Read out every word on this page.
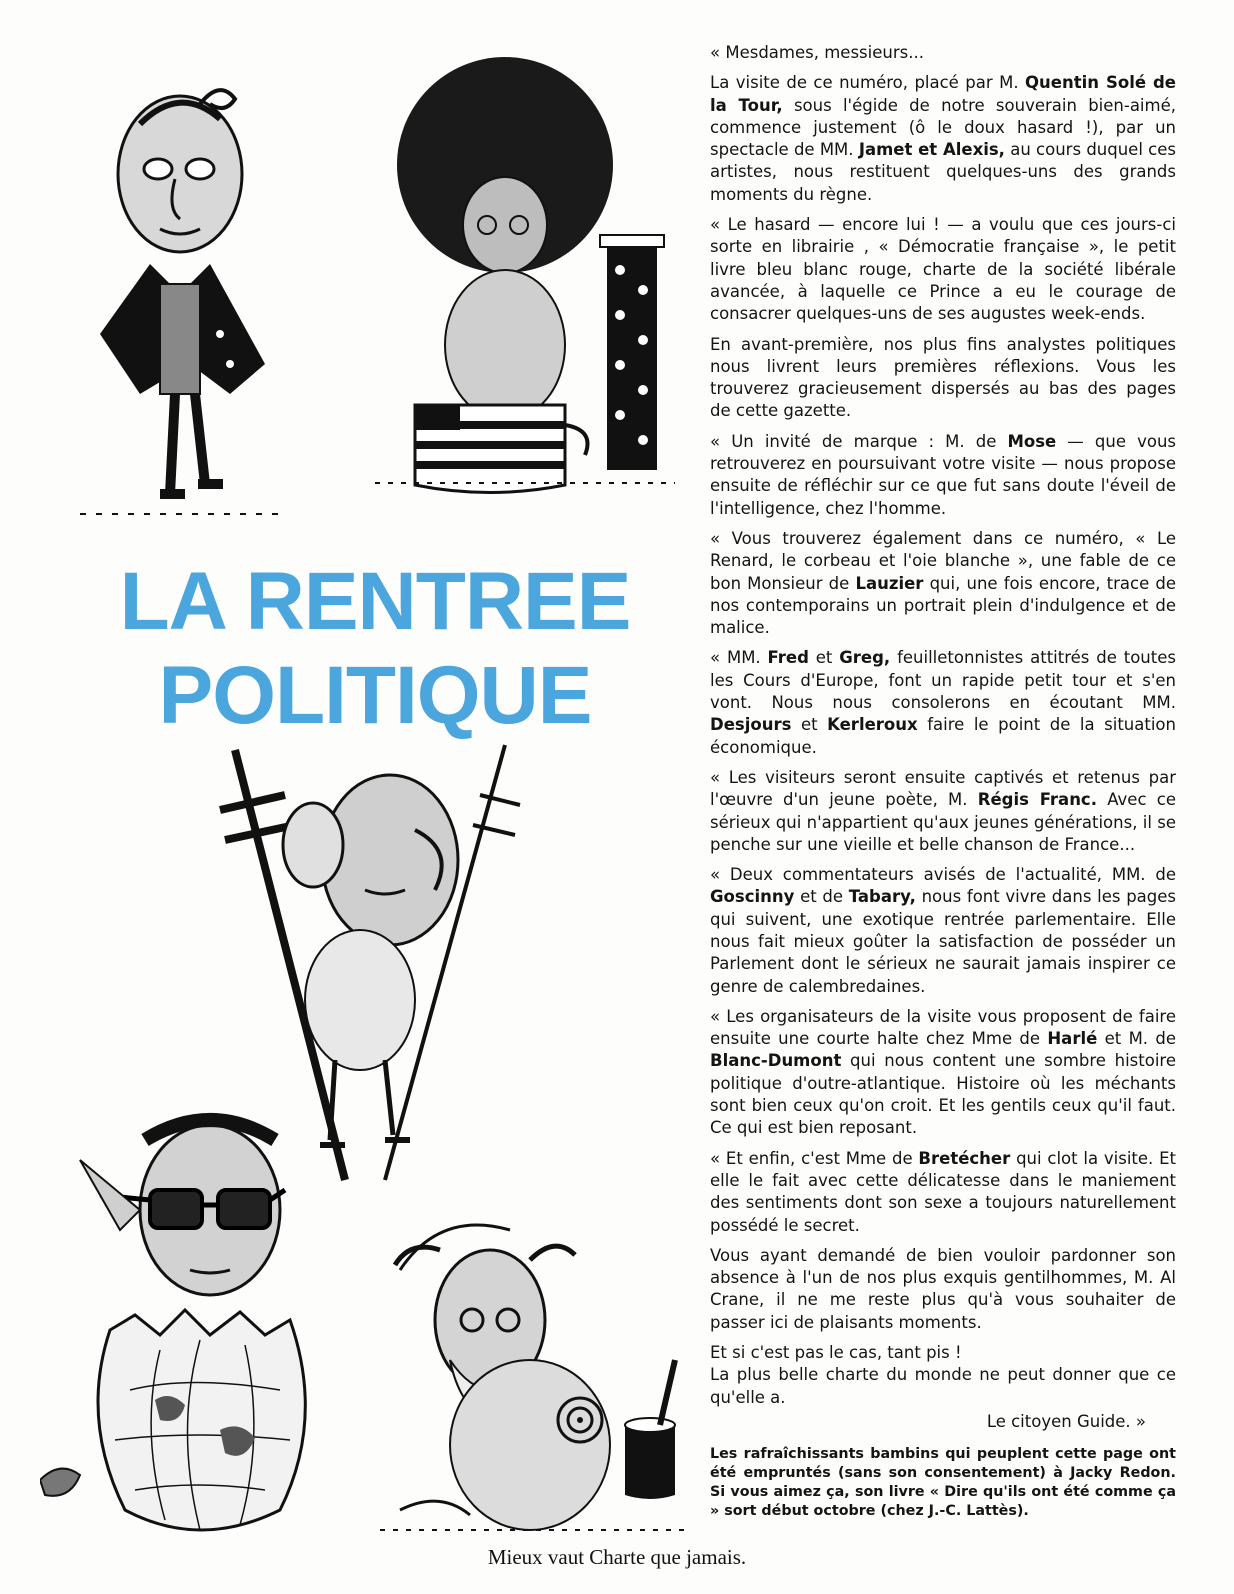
LA RENTREE
POLITIQUE

« Mesdames, messieurs...

La visite de ce numéro, placé par M. Quentin Solé de la Tour, sous l'égide de notre souverain bien-aimé, commence justement (ô le doux hasard !), par un spectacle de MM. Jamet et Alexis, au cours duquel ces artistes, nous restituent quelques-uns des grands moments du règne.

« Le hasard — encore lui ! — a voulu que ces jours-ci sorte en librairie , « Démocratie française », le petit livre bleu blanc rouge, charte de la société libérale avancée, à laquelle ce Prince a eu le courage de consacrer quelques-uns de ses augustes week-ends.

En avant-première, nos plus fins analystes politiques nous livrent leurs premières réflexions. Vous les trouverez gracieusement dispersés au bas des pages de cette gazette.

« Un invité de marque : M. de Mose — que vous retrouverez en poursuivant votre visite — nous propose ensuite de réfléchir sur ce que fut sans doute l'éveil de l'intelligence, chez l'homme.

« Vous trouverez également dans ce numéro, « Le Renard, le corbeau et l'oie blanche », une fable de ce bon Monsieur de Lauzier qui, une fois encore, trace de nos contemporains un portrait plein d'indulgence et de malice.

« MM. Fred et Greg, feuilletonnistes attitrés de toutes les Cours d'Europe, font un rapide petit tour et s'en vont. Nous nous consolerons en écoutant MM. Desjours et Kerleroux faire le point de la situation économique.

« Les visiteurs seront ensuite captivés et retenus par l'œuvre d'un jeune poète, M. Régis Franc. Avec ce sérieux qui n'appartient qu'aux jeunes générations, il se penche sur une vieille et belle chanson de France...

« Deux commentateurs avisés de l'actualité, MM. de Goscinny et de Tabary, nous font vivre dans les pages qui suivent, une exotique rentrée parlementaire. Elle nous fait mieux goûter la satisfaction de posséder un Parlement dont le sérieux ne saurait jamais inspirer ce genre de calembredaines.

« Les organisateurs de la visite vous proposent de faire ensuite une courte halte chez Mme de Harlé et M. de Blanc-Dumont qui nous content une sombre histoire politique d'outre-atlantique. Histoire où les méchants sont bien ceux qu'on croit. Et les gentils ceux qu'il faut. Ce qui est bien reposant.

« Et enfin, c'est Mme de Bretécher qui clot la visite. Et elle le fait avec cette délicatesse dans le maniement des sentiments dont son sexe a toujours naturellement possédé le secret.

Vous ayant demandé de bien vouloir pardonner son absence à l'un de nos plus exquis gentilhommes, M. Al Crane, il ne me reste plus qu'à vous souhaiter de passer ici de plaisants moments.

Et si c'est pas le cas, tant pis !
La plus belle charte du monde ne peut donner que ce qu'elle a.

Le citoyen Guide. »

Les rafraîchissants bambins qui peuplent cette page ont été empruntés (sans son consentement) à Jacky Redon. Si vous aimez ça, son livre « Dire qu'ils ont été comme ça » sort début octobre (chez J.-C. Lattès).

Mieux vaut Charte que jamais.
